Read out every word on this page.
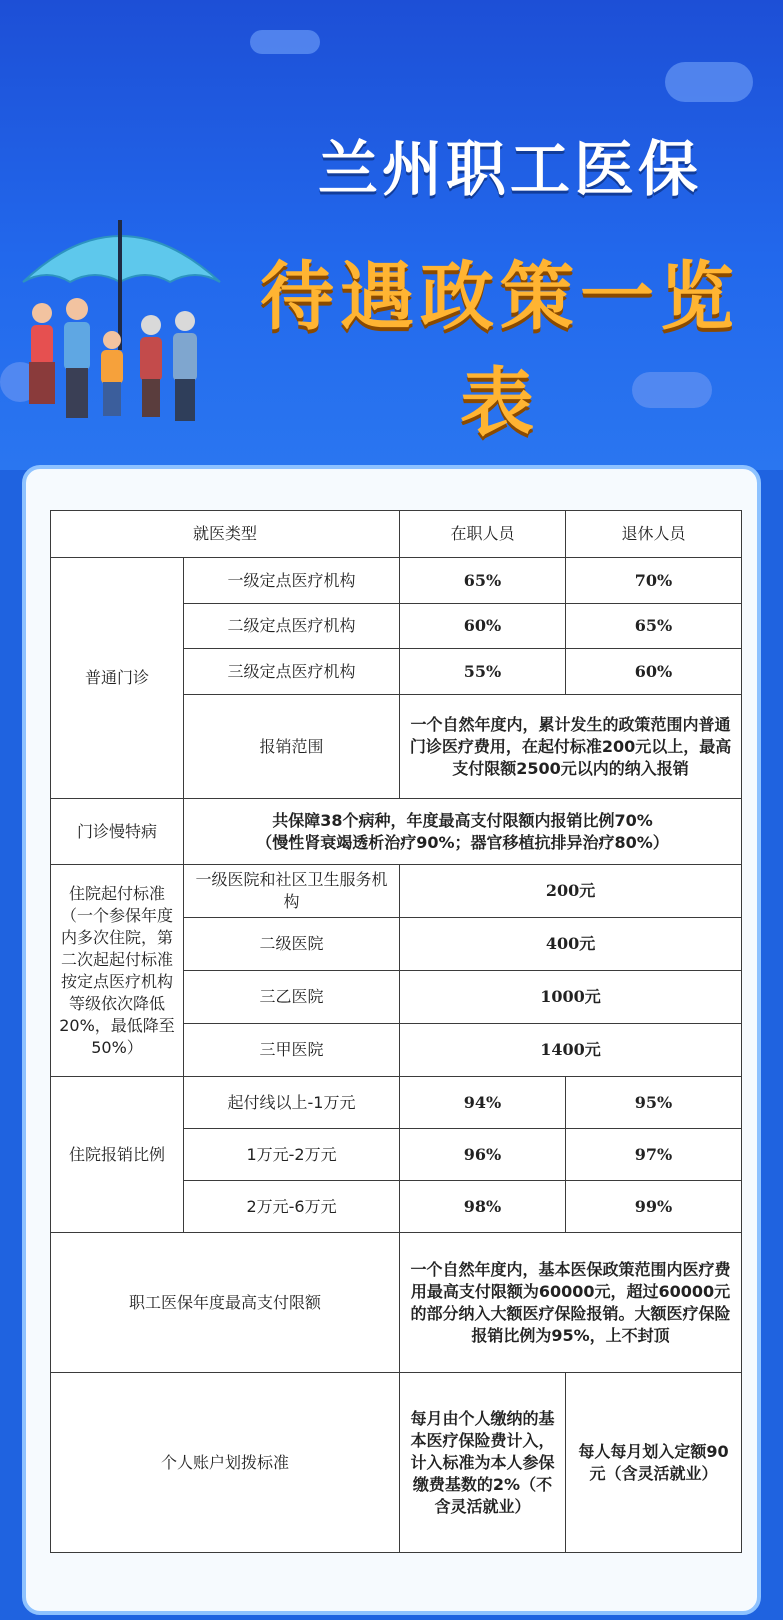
兰州职工医保
待遇政策一览表
就医类型		在职人员	退休人员
普通门诊	一级定点医疗机构	65%	70%
	二级定点医疗机构	60%	65%
	三级定点医疗机构	55%	60%
	报销范围	一个自然年度内，累计发生的政策范围内普通门诊医疗费用，在起付标准200元以上，最高支付限额2500元以内的纳入报销	
门诊慢特病	共保障38个病种，年度最高支付限额内报销比例70%
（慢性肾衰竭透析治疗90%；器官移植抗排异治疗80%）		

住院起付标准（一个参保年度内多次住院，第二次起起付标准按定点医疗机构等级依次降低20%，最低降至50%）	一级医院和社区卫生服务机构	200元	
	二级医院	400元	
	三乙医院	1000元	
	三甲医院	1400元	
住院报销比例	起付线以上-1万元	94%	95%
	1万元-2万元	96%	97%
	2万元-6万元	98%	99%
职工医保年度最高支付限额		一个自然年度内，基本医保政策范围内医疗费用最高支付限额为60000元，超过60000元的部分纳入大额医疗保险报销。大额医疗保险报销比例为95%，上不封顶	
个人账户划拨标准		每月由个人缴纳的基本医疗保险费计入，计入标准为本人参保缴费基数的2%（不含灵活就业）	每人每月划入定额90元（含灵活就业）
